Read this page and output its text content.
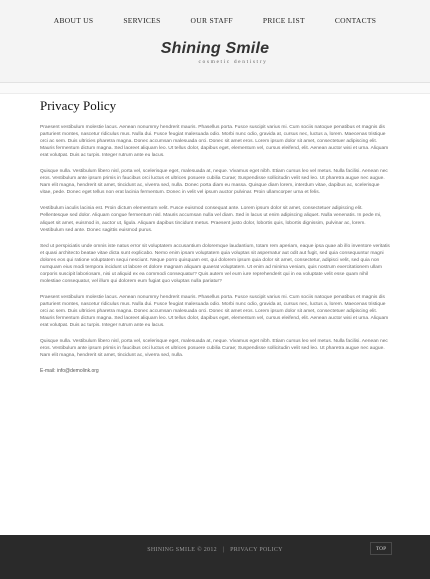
ABOUT US	SERVICES	OUR STAFF	PRICE LIST	CONTACTS
Shining Smile
cosmetic dentistry
Privacy Policy

Praesent vestibulum molestie lacus. Aenean nonummy hendrerit mauris. Phasellus porta. Fusce suscipit varius mi. Cum sociis natoque penatibus et magnis dis parturient montes, nascetur ridiculus mus. Nulla dui. Fusce feugiat malesuada odio. Morbi nunc odio, gravida at, cursus nec, luctus a, lorem. Maecenas tristique orci ac sem. Duis ultricies pharetra magna. Donec accumsan malesuada orci. Donec sit amet eros. Lorem ipsum dolor sit amet, consectetuer adipiscing elit. Mauris fermentum dictum magna. Sed laoreet aliquam leo. Ut tellus dolor, dapibus eget, elementum vel, cursus eleifend, elit. Aenean auctor wisi et urna. Aliquam erat volutpat. Duis ac turpis. Integer rutrum ante eu lacus.

Quisque nulla. Vestibulum libero nisl, porta vel, scelerisque eget, malesuada at, neque. Vivamus eget nibh. Etiam cursus leo vel metus. Nulla facilisi. Aenean nec eros. Vestibulum ante ipsum primis in faucibus orci luctus et ultrices posuere cubilia Curae; Suspendisse sollicitudin velit sed leo. Ut pharetra augue nec augue. Nam elit magna, hendrerit sit amet, tincidunt ac, viverra sed, nulla. Donec porta diam eu massa. Quisque diam lorem, interdum vitae, dapibus ac, scelerisque vitae, pede. Donec eget tellus non erat lacinia fermentum. Donec in velit vel ipsum auctor pulvinar. Proin ullamcorper urna et felis.

Vestibulum iaculis lacinia est. Proin dictum elementum velit. Fusce euismod consequat ante. Lorem ipsum dolor sit amet, consectetuer adipiscing elit. Pellentesque sed dolor. Aliquam congue fermentum nisl. Mauris accumsan nulla vel diam. Sed in lacus ut enim adipiscing aliquet. Nulla venenatis. In pede mi, aliquet sit amet, euismod in, auctor ut, ligula. Aliquam dapibus tincidunt metus. Praesent justo dolor, lobortis quis, lobortis dignissim, pulvinar ac, lorem. Vestibulum sed ante. Donec sagittis euismod purus.

Sed ut perspiciatis unde omnis iste natus error sit voluptatem accusantium doloremque laudantium, totam rem aperiam, eaque ipsa quae ab illo inventore veritatis et quasi architecto beatae vitae dicta sunt explicabo. Nemo enim ipsam voluptatem quia voluptas sit aspernatur aut odit aut fugit, sed quia consequuntur magni dolores eos qui ratione voluptatem sequi nesciunt. Neque porro quisquam est, qui dolorem ipsum quia dolor sit amet, consectetur, adipisci velit, sed quia non numquam eius modi tempora incidunt ut labore et dolore magnam aliquam quaerat voluptatem. Ut enim ad minima veniam, quis nostrum exercitationem ullam corporis suscipit laboriosam, nisi ut aliquid ex ea commodi consequatur? Quis autem vel eum iure reprehenderit qui in ea voluptate velit esse quam nihil molestiae consequatur, vel illum qui dolorem eum fugiat quo voluptas nulla pariatur?

Praesent vestibulum molestie lacus. Aenean nonummy hendrerit mauris. Phasellus porta. Fusce suscipit varius mi. Cum sociis natoque penatibus et magnis dis parturient montes, nascetur ridiculus mus. Nulla dui. Fusce feugiat malesuada odio. Morbi nunc odio, gravida at, cursus nec, luctus a, lorem. Maecenas tristique orci ac sem. Duis ultricies pharetra magna. Donec accumsan malesuada orci. Donec sit amet eros. Lorem ipsum dolor sit amet, consectetuer adipiscing elit. Mauris fermentum dictum magna. Sed laoreet aliquam leo. Ut tellus dolor, dapibus eget, elementum vel, cursus eleifend, elit. Aenean auctor wisi et urna. Aliquam erat volutpat. Duis ac turpis. Integer rutrum ante eu lacus.

Quisque nulla. Vestibulum libero nisl, porta vel, scelerisque eget, malesuada at, neque. Vivamus eget nibh. Etiam cursus leo vel metus. Nulla facilisi. Aenean nec eros. Vestibulum ante ipsum primis in faucibus orci luctus et ultrices posuere cubilia Curae; Suspendisse sollicitudin velit sed leo. Ut pharetra augue nec augue. Nam elit magna, hendrerit sit amet, tincidunt ac, viverra sed, nulla.

E-mail: info@demolink.org
SHINING SMILE © 2012 | PRIVACY POLICY	TOP
